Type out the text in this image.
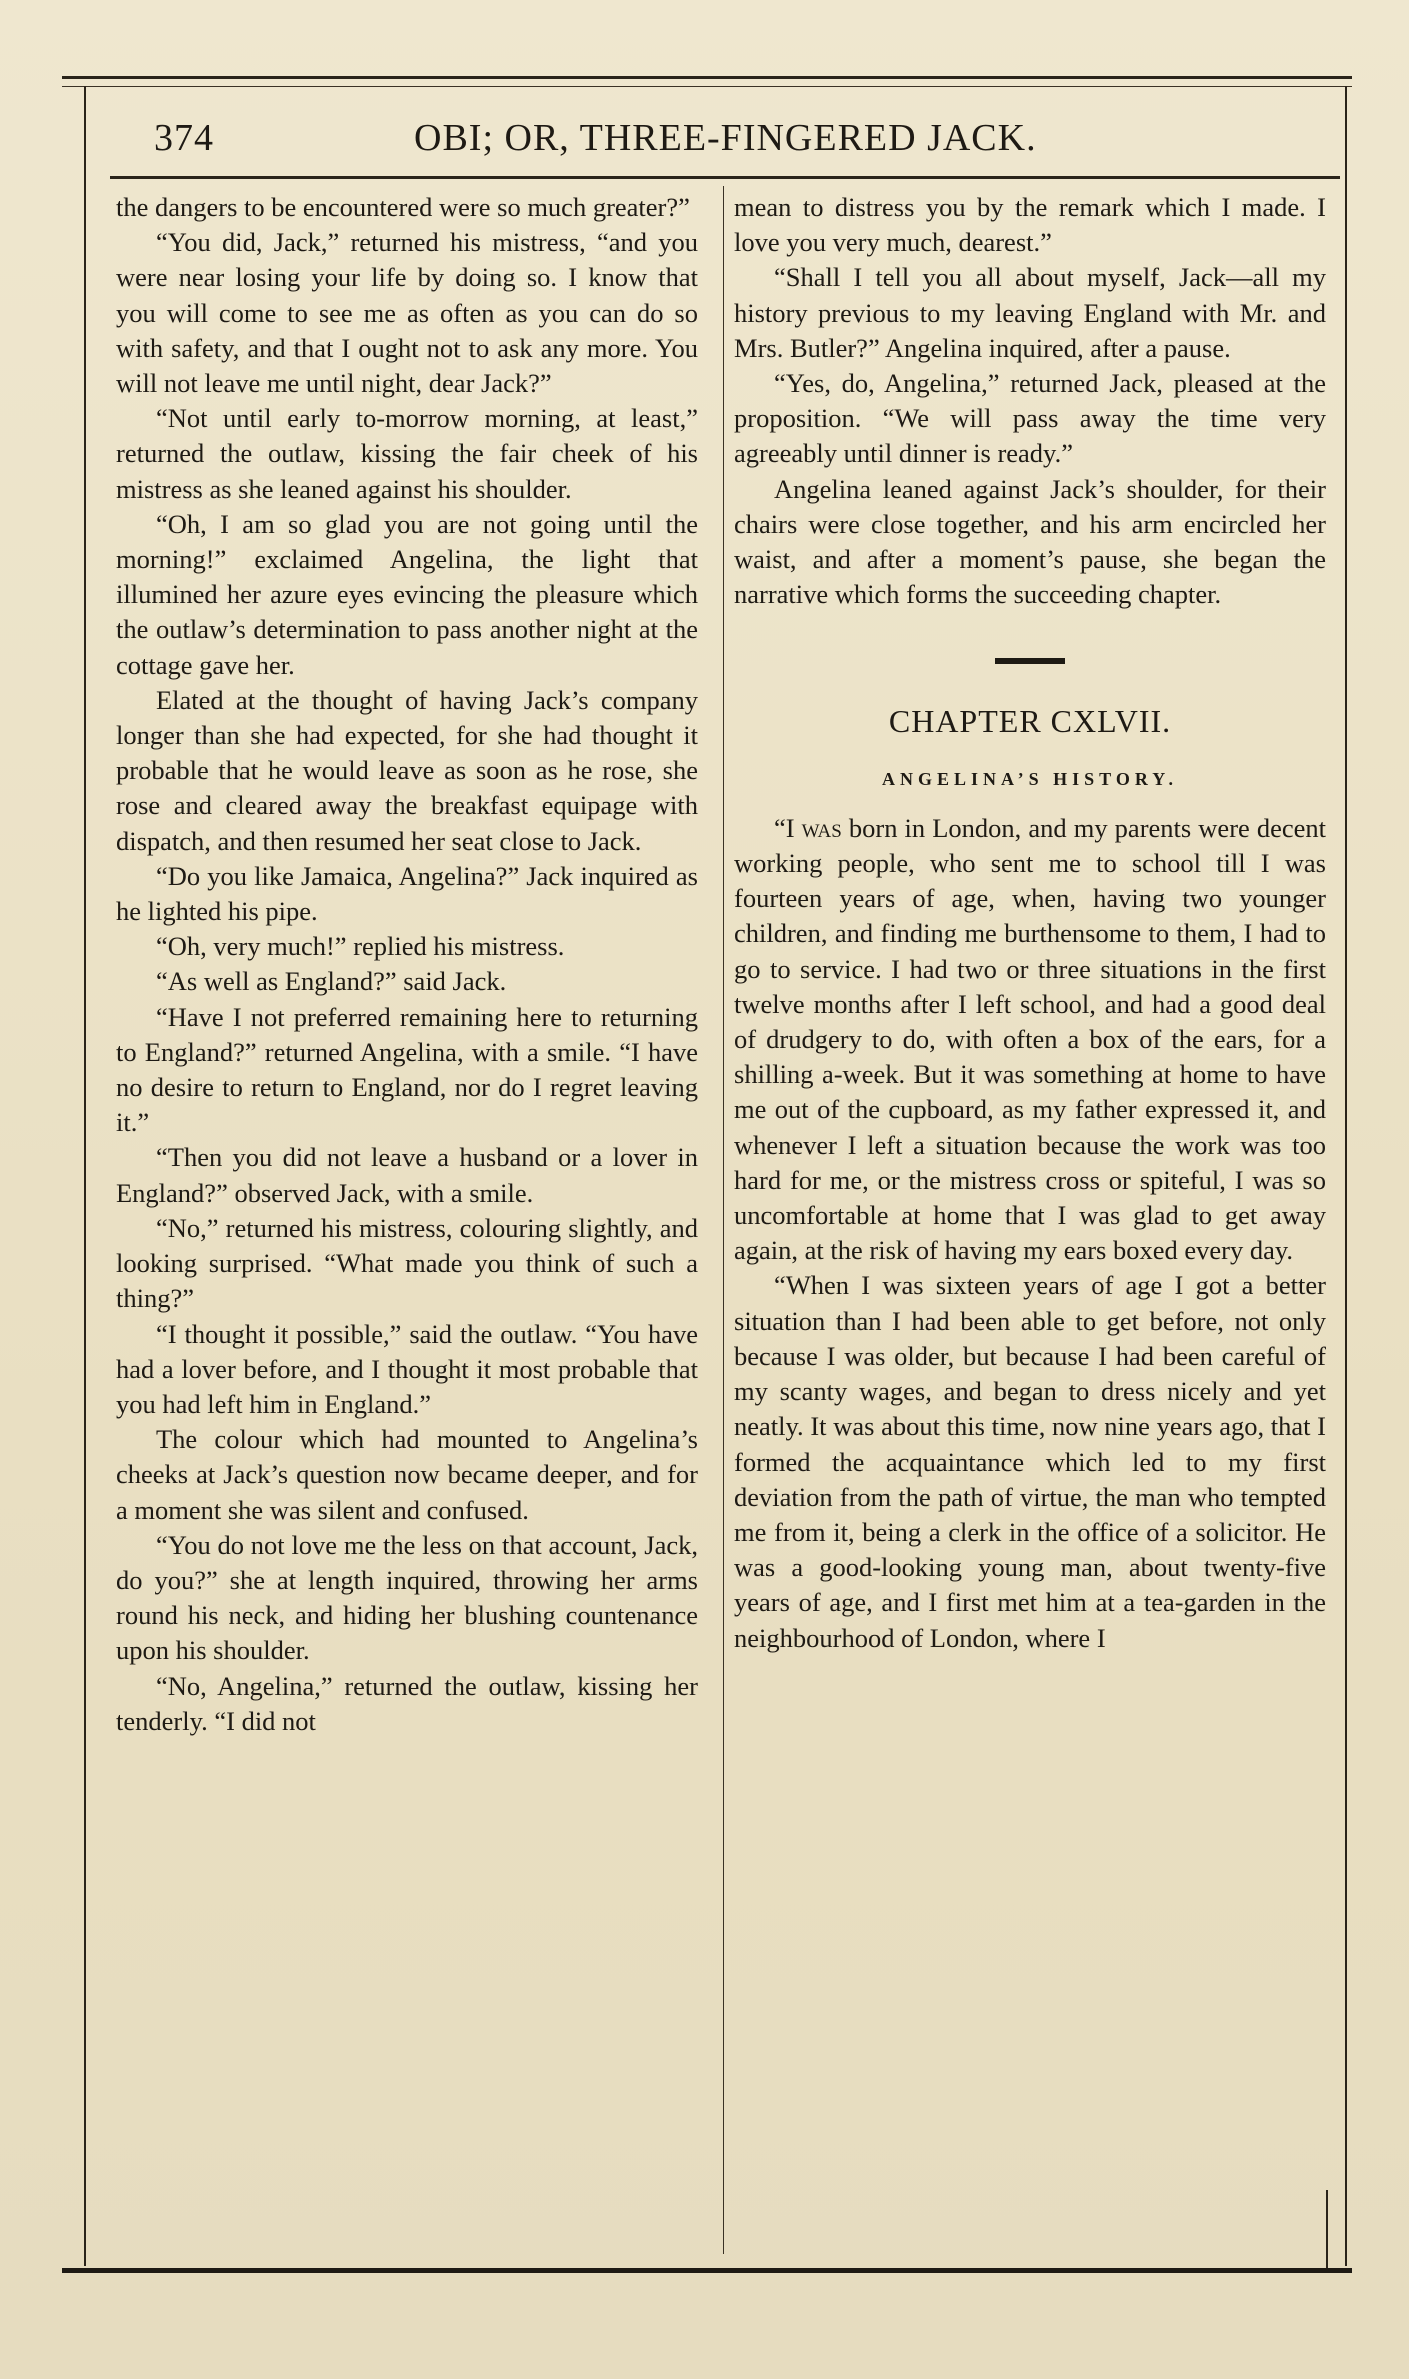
374	OBI; OR, THREE-FINGERED JACK.

the dangers to be encountered were so much greater?”

“You did, Jack,” returned his mistress, “and you were near losing your life by doing so. I know that you will come to see me as often as you can do so with safety, and that I ought not to ask any more. You will not leave me until night, dear Jack?”

“Not until early to-morrow morning, at least,” returned the outlaw, kissing the fair cheek of his mistress as she leaned against his shoulder.

“Oh, I am so glad you are not going until the morning!” exclaimed Angelina, the light that illumined her azure eyes evincing the pleasure which the outlaw’s determination to pass another night at the cottage gave her.

Elated at the thought of having Jack’s company longer than she had expected, for she had thought it probable that he would leave as soon as he rose, she rose and cleared away the breakfast equipage with dispatch, and then resumed her seat close to Jack.

“Do you like Jamaica, Angelina?” Jack inquired as he lighted his pipe.

“Oh, very much!” replied his mistress.

“As well as England?” said Jack.

“Have I not preferred remaining here to returning to England?” returned Angelina, with a smile. “I have no desire to return to England, nor do I regret leaving it.”

“Then you did not leave a husband or a lover in England?” observed Jack, with a smile.

“No,” returned his mistress, colouring slightly, and looking surprised. “What made you think of such a thing?”

“I thought it possible,” said the outlaw. “You have had a lover before, and I thought it most probable that you had left him in England.”

The colour which had mounted to Angelina’s cheeks at Jack’s question now became deeper, and for a moment she was silent and confused.

“You do not love me the less on that account, Jack, do you?” she at length inquired, throwing her arms round his neck, and hiding her blushing countenance upon his shoulder.

“No, Angelina,” returned the outlaw, kissing her tenderly. “I did not

mean to distress you by the remark which I made. I love you very much, dearest.”

“Shall I tell you all about myself, Jack—all my history previous to my leaving England with Mr. and Mrs. Butler?” Angelina inquired, after a pause.

“Yes, do, Angelina,” returned Jack, pleased at the proposition. “We will pass away the time very agreeably until dinner is ready.”

Angelina leaned against Jack’s shoulder, for their chairs were close together, and his arm encircled her waist, and after a moment’s pause, she began the narrative which forms the succeeding chapter.

CHAPTER CXLVII.
ANGELINA’S HISTORY.

“I was born in London, and my parents were decent working people, who sent me to school till I was fourteen years of age, when, having two younger children, and finding me burthensome to them, I had to go to service. I had two or three situations in the first twelve months after I left school, and had a good deal of drudgery to do, with often a box of the ears, for a shilling a-week. But it was something at home to have me out of the cupboard, as my father expressed it, and whenever I left a situation because the work was too hard for me, or the mistress cross or spiteful, I was so uncomfortable at home that I was glad to get away again, at the risk of having my ears boxed every day.

“When I was sixteen years of age I got a better situation than I had been able to get before, not only because I was older, but because I had been careful of my scanty wages, and began to dress nicely and yet neatly. It was about this time, now nine years ago, that I formed the acquaintance which led to my first deviation from the path of virtue, the man who tempted me from it, being a clerk in the office of a solicitor. He was a good-looking young man, about twenty-five years of age, and I first met him at a tea-garden in the neighbourhood of London, where I
